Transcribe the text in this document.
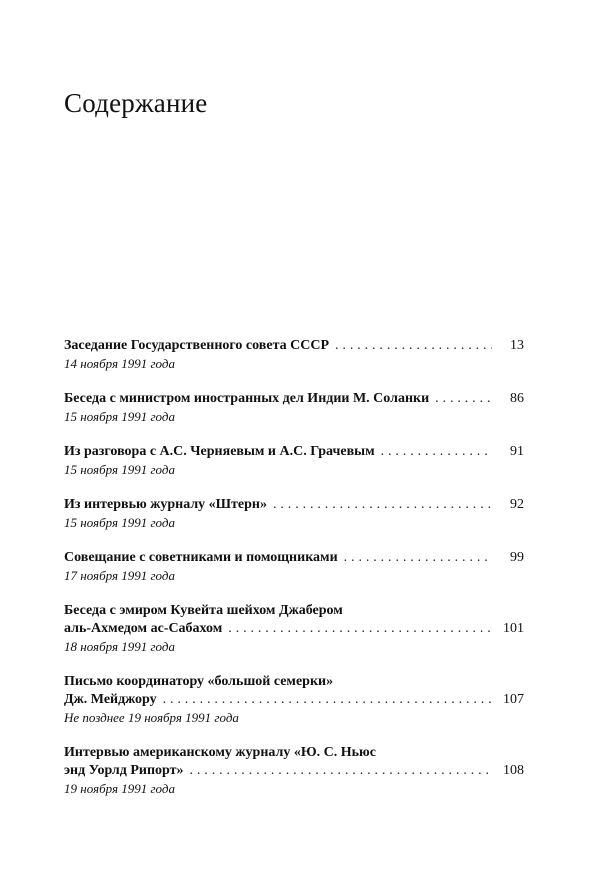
Содержание
Заседание Государственного совета СССР . . .	13
14 ноября 1991 года
Беседа с министром иностранных дел Индии М. Соланки . . .	86
15 ноября 1991 года
Из разговора с А.С. Черняевым и А.С. Грачевым . . .	91
15 ноября 1991 года
Из интервью журналу «Штерн» . . .	92
15 ноября 1991 года
Совещание с советниками и помощниками . . .	99
17 ноября 1991 года
Беседа с эмиром Кувейта шейхом Джабером
аль-Ахмедом ас-Сабахом . . .	101
18 ноября 1991 года
Письмо координатору «большой семерки»
Дж. Мейджору . . .	107
Не позднее 19 ноября 1991 года
Интервью американскому журналу «Ю. С. Ньюс
энд Уорлд Рипорт» . . .	108
19 ноября 1991 года
